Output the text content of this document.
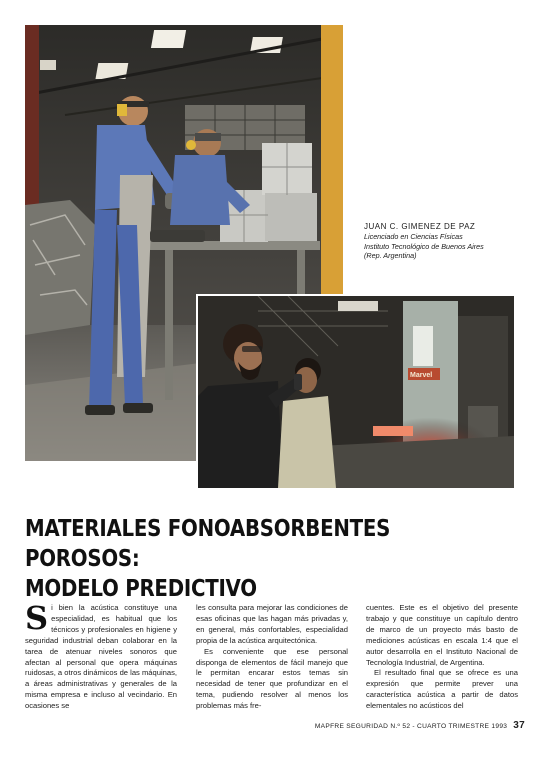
Marvel
JUAN C. GIMENEZ DE PAZ
Licenciado en Ciencias Físicas
Instituto Tecnológico de Buenos Aires
(Rep. Argentina)
MATERIALES FONOABSORBENTES POROSOS:
MODELO PREDICTIVO

Si bien la acústica constituye una especialidad, es habitual que los técnicos y profesionales en higiene y seguridad industrial deban colaborar en la tarea de atenuar niveles sonoros que afectan al personal que opera máquinas ruidosas, a otros dinámicos de las máquinas, a áreas administrativas y generales de la misma empresa e incluso al vecindario. En ocasiones se

les consulta para mejorar las condiciones de esas oficinas que las hagan más privadas y, en general, más confortables, especialidad propia de la acústica arquitectónica.

Es conveniente que ese personal disponga de elementos de fácil manejo que le permitan encarar estos temas sin necesidad de tener que profundizar en el tema, pudiendo resolver al menos los problemas más fre-

cuentes. Este es el objetivo del presente trabajo y que constituye un capítulo dentro de marco de un proyecto más basto de mediciones acústicas en escala 1:4 que el autor desarrolla en el Instituto Nacional de Tecnología Industrial, de Argentina.

El resultado final que se ofrece es una expresión que permite prever una característica acústica a partir de datos elementales no acústicos del

MAPFRE SEGURIDAD N.º 52 - CUARTO TRIMESTRE 1993 37
